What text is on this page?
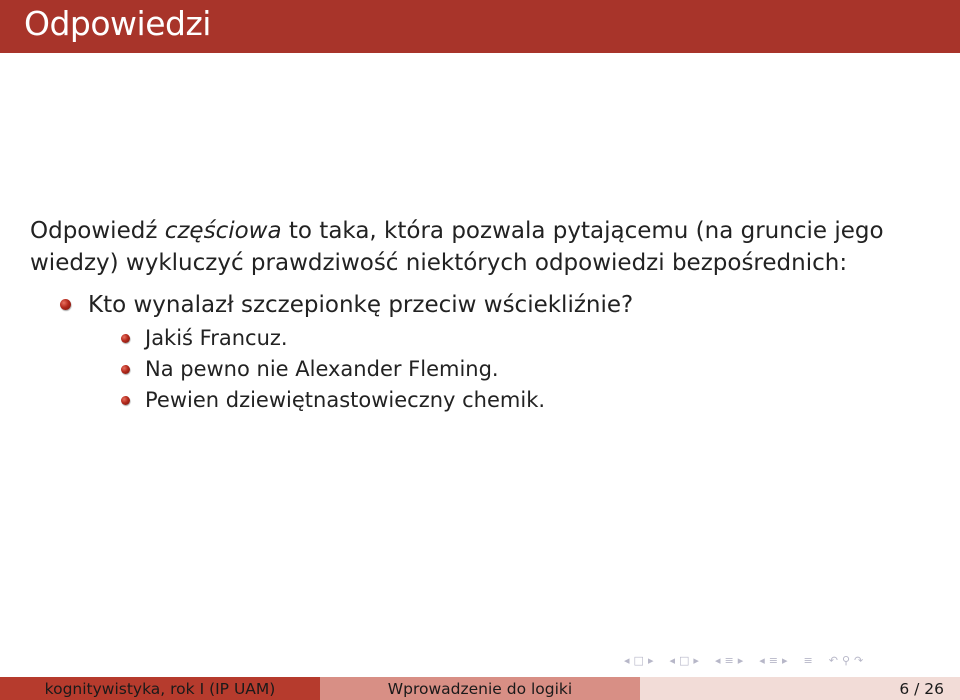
Odpowiedzi

Odpowiedź częściowa to taka, która pozwala pytającemu (na gruncie jego wiedzy) wykluczyć prawdziwość niektórych odpowiedzi bezpośrednich:

Kto wynalazł szczepionkę przeciw wściekliźnie?
Jakiś Francuz.
Na pewno nie Alexander Fleming.
Pewien dziewiętnastowieczny chemik.
◂ □ ▸ ◂ □ ▸ ◂ ≡ ▸ ◂ ≡ ▸ ≡ ↶ ⚲ ↷
kognitywistyka, rok I (IP UAM)	Wprowadzenie do logiki	6 / 26
